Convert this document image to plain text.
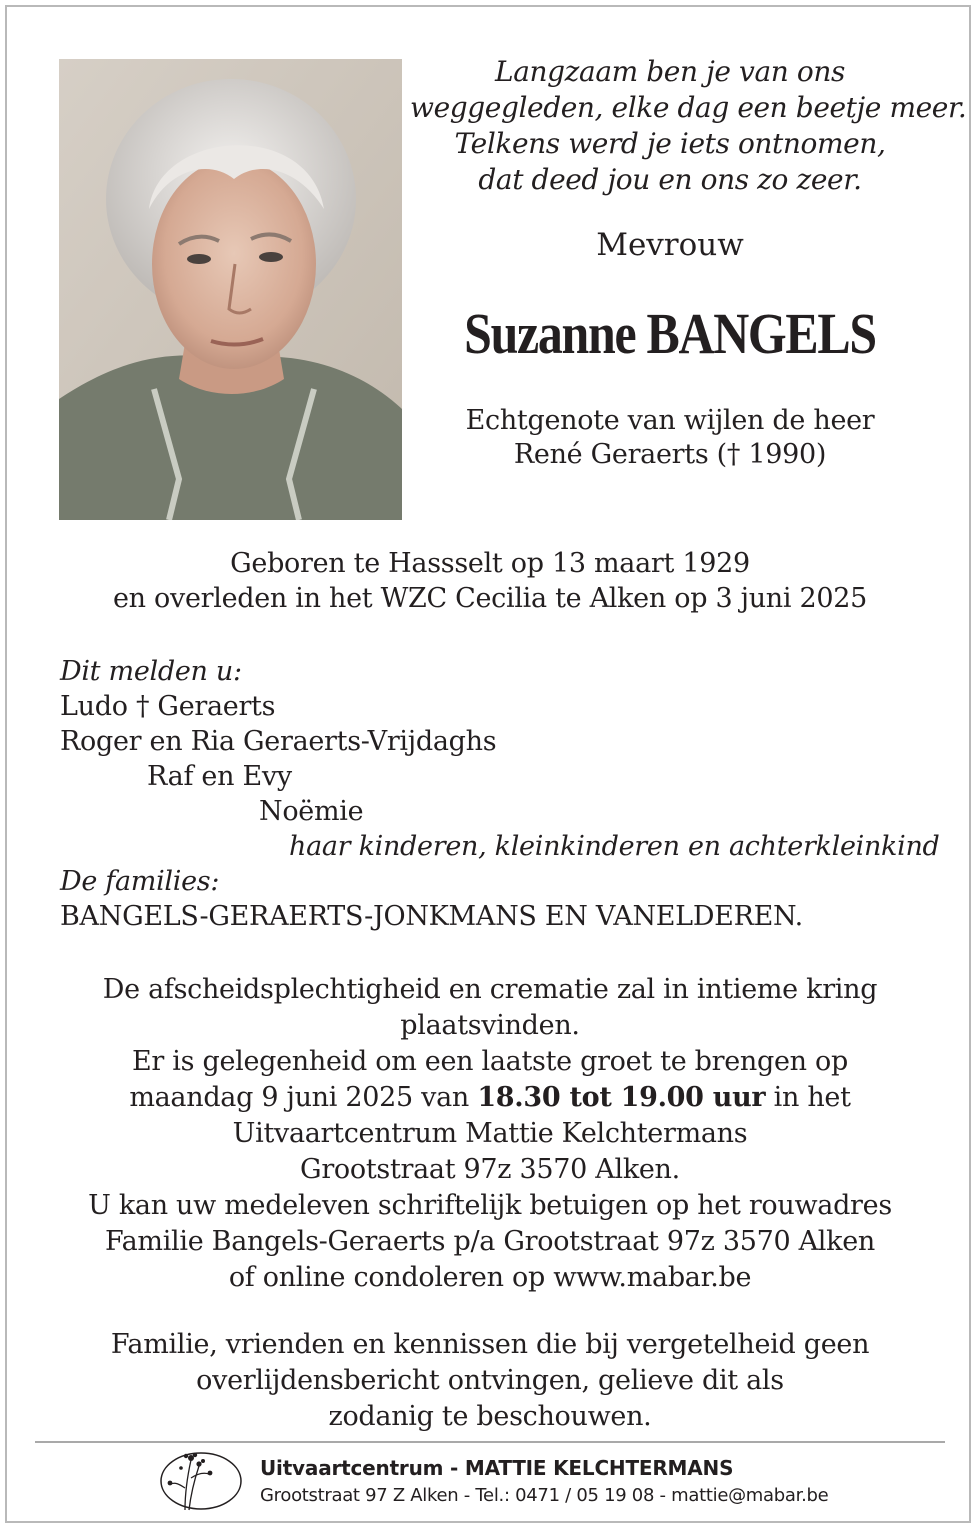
Langzaam ben je van ons
weggegleden, elke dag een beetje meer.
Telkens werd je iets ontnomen,
dat deed jou en ons zo zeer.
Mevrouw
Suzanne BANGELS
Echtgenote van wijlen de heer
René Geraerts († 1990)
Geboren te Hassselt op 13 maart 1929
en overleden in het WZC Cecilia te Alken op 3 juni 2025
Dit melden u:
Ludo † Geraerts
Roger en Ria Geraerts-Vrijdaghs
Raf en Evy
Noëmie
haar kinderen, kleinkinderen en achterkleinkind
De families:
BANGELS-GERAERTS-JONKMANS EN VANELDEREN.
De afscheidsplechtigheid en crematie zal in intieme kring
plaatsvinden.
Er is gelegenheid om een laatste groet te brengen op
maandag 9 juni 2025 van 18.30 tot 19.00 uur in het
Uitvaartcentrum Mattie Kelchtermans
Grootstraat 97z 3570 Alken.
U kan uw medeleven schriftelijk betuigen op het rouwadres
Familie Bangels-Geraerts p/a Grootstraat 97z 3570 Alken
of online condoleren op www.mabar.be
Familie, vrienden en kennissen die bij vergetelheid geen
overlijdensbericht ontvingen, gelieve dit als
zodanig te beschouwen.
Uitvaartcentrum - MATTIE KELCHTERMANS
Grootstraat 97 Z Alken - Tel.: 0471 / 05 19 08 - mattie@mabar.be
